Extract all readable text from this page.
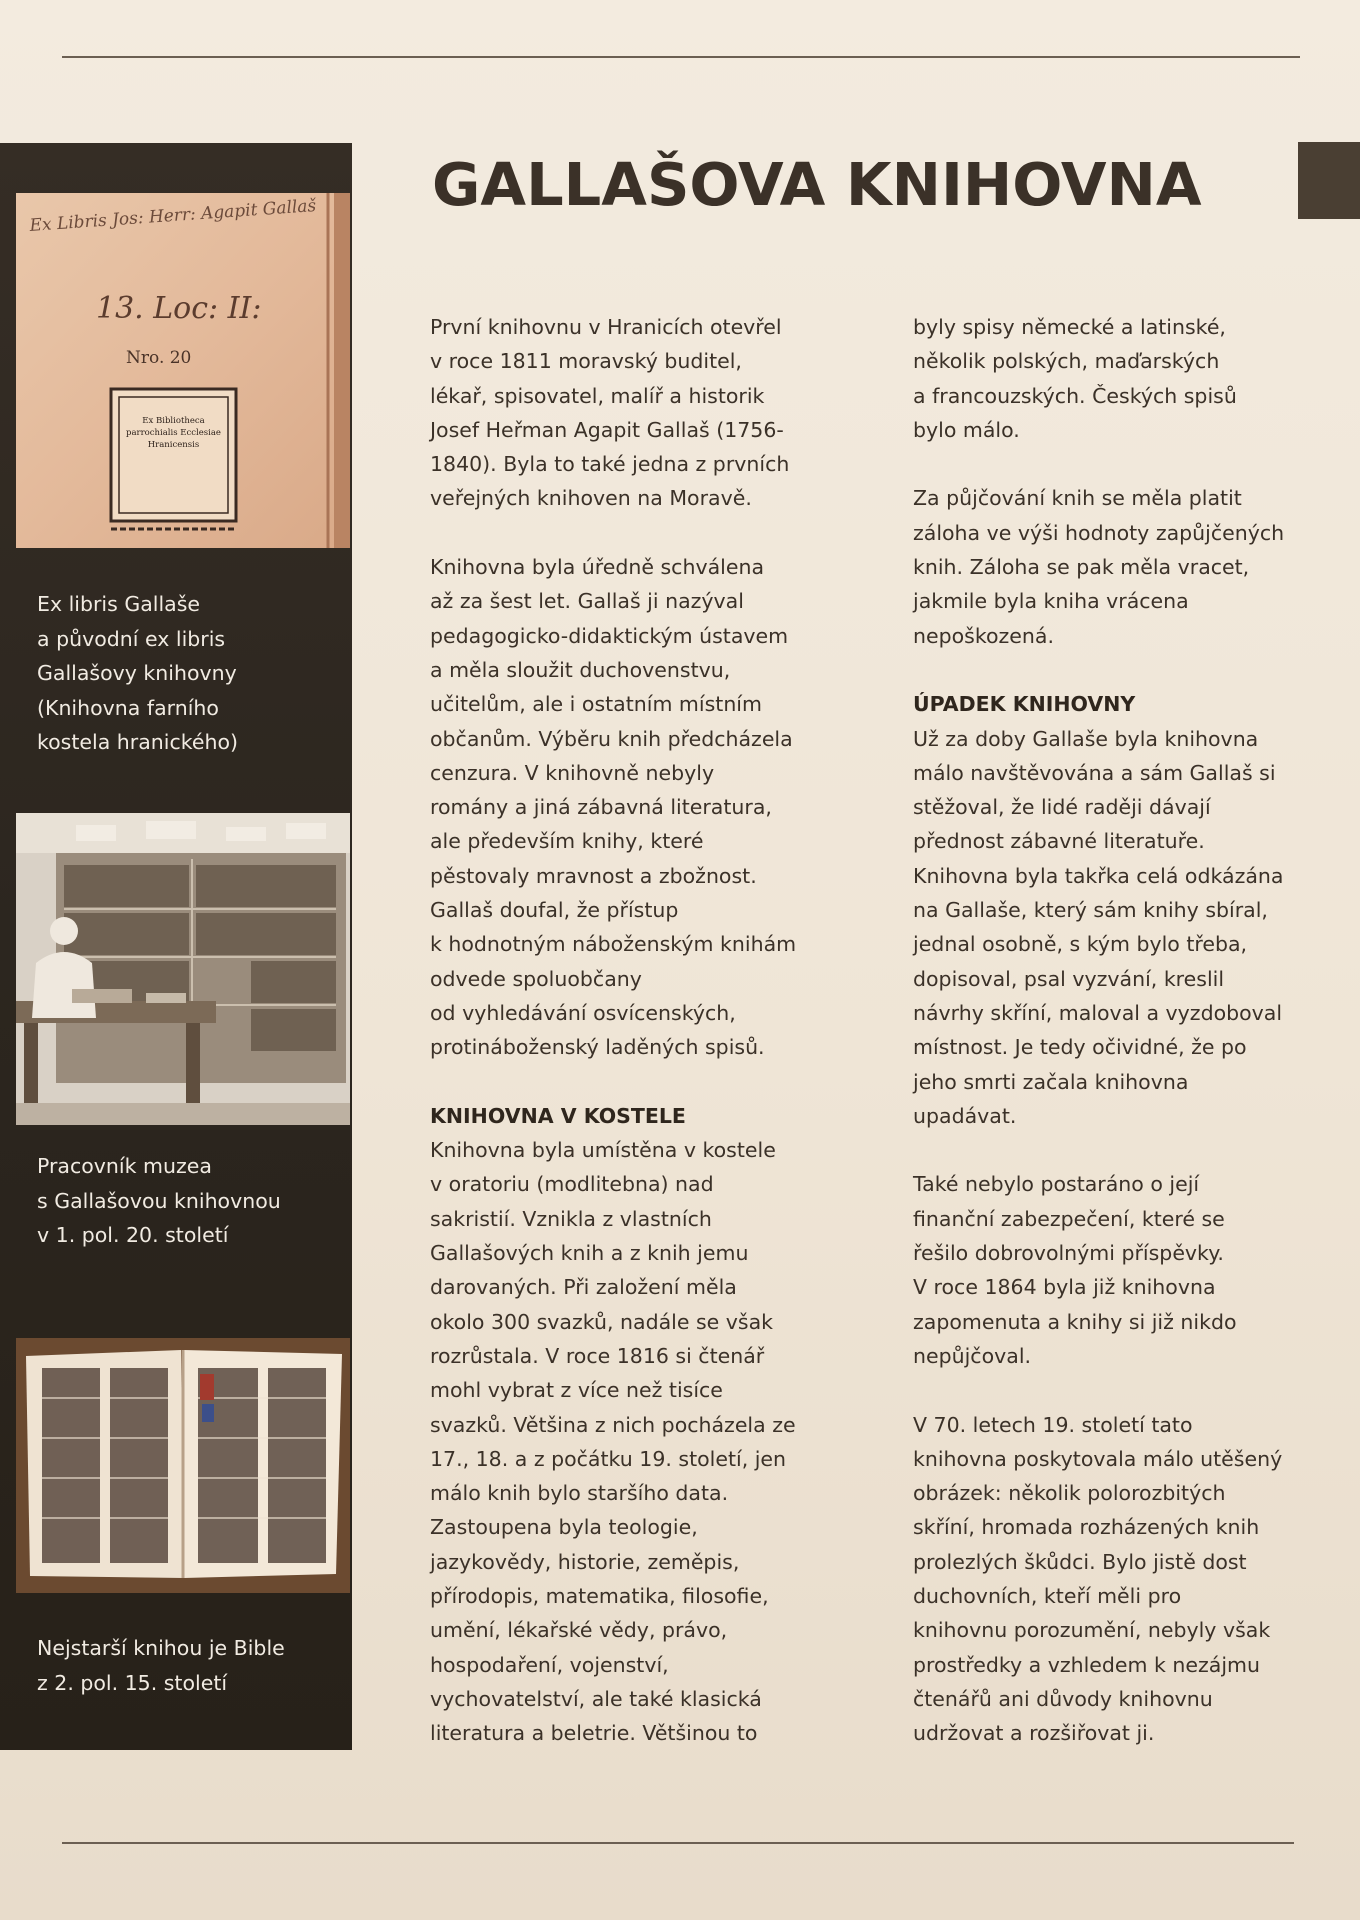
Ex Libris Jos: Herr: Agapit Gallaš
13. Loc: II:
Nro. 20
Ex Bibliotheca parrochialis Ecclesiae Hranicensis
Ex libris Gallaše
a původní ex libris
Gallašovy knihovny
(Knihovna farního
kostela hranického)
Pracovník muzea
s Gallašovou knihovnou
v 1. pol. 20. století
Nejstarší knihou je Bible
z 2. pol. 15. století
GALLAŠOVA KNIHOVNA

První knihovnu v Hranicích otevřel

v roce 1811 moravský buditel,

lékař, spisovatel, malíř a historik

Josef Heřman Agapit Gallaš (1756-

1840). Byla to také jedna z prvních

veřejných knihoven na Moravě.

Knihovna byla úředně schválena

až za šest let. Gallaš ji nazýval

pedagogicko-didaktickým ústavem

a měla sloužit duchovenstvu,

učitelům, ale i ostatním místním

občanům. Výběru knih předcházela

cenzura. V knihovně nebyly

romány a jiná zábavná literatura,

ale především knihy, které

pěstovaly mravnost a zbožnost.

Gallaš doufal, že přístup

k hodnotným náboženským knihám

odvede spoluobčany

od vyhledávání osvícenských,

protináboženský laděných spisů.

KNIHOVNA V KOSTELE

Knihovna byla umístěna v kostele

v oratoriu (modlitebna) nad

sakristií. Vznikla z vlastních

Gallašových knih a z knih jemu

darovaných. Při založení měla

okolo 300 svazků, nadále se však

rozrůstala. V roce 1816 si čtenář

mohl vybrat z více než tisíce

svazků. Většina z nich pocházela ze

17., 18. a z počátku 19. století, jen

málo knih bylo staršího data.

Zastoupena byla teologie,

jazykovědy, historie, zeměpis,

přírodopis, matematika, filosofie,

umění, lékařské vědy, právo,

hospodaření, vojenství,

vychovatelství, ale také klasická

literatura a beletrie. Většinou to

byly spisy německé a latinské,

několik polských, maďarských

a francouzských. Českých spisů

bylo málo.

Za půjčování knih se měla platit

záloha ve výši hodnoty zapůjčených

knih. Záloha se pak měla vracet,

jakmile byla kniha vrácena

nepoškozená.

ÚPADEK KNIHOVNY

Už za doby Gallaše byla knihovna

málo navštěvována a sám Gallaš si

stěžoval, že lidé raději dávají

přednost zábavné literatuře.

Knihovna byla takřka celá odkázána

na Gallaše, který sám knihy sbíral,

jednal osobně, s kým bylo třeba,

dopisoval, psal vyzvání, kreslil

návrhy skříní, maloval a vyzdoboval

místnost. Je tedy očividné, že po

jeho smrti začala knihovna

upadávat.

Také nebylo postaráno o její

finanční zabezpečení, které se

řešilo dobrovolnými příspěvky.

V roce 1864 byla již knihovna

zapomenuta a knihy si již nikdo

nepůjčoval.

V 70. letech 19. století tato

knihovna poskytovala málo utěšený

obrázek: několik polorozbitých

skříní, hromada rozházených knih

prolezlých škůdci. Bylo jistě dost

duchovních, kteří měli pro

knihovnu porozumění, nebyly však

prostředky a vzhledem k nezájmu

čtenářů ani důvody knihovnu

udržovat a rozšiřovat ji.
